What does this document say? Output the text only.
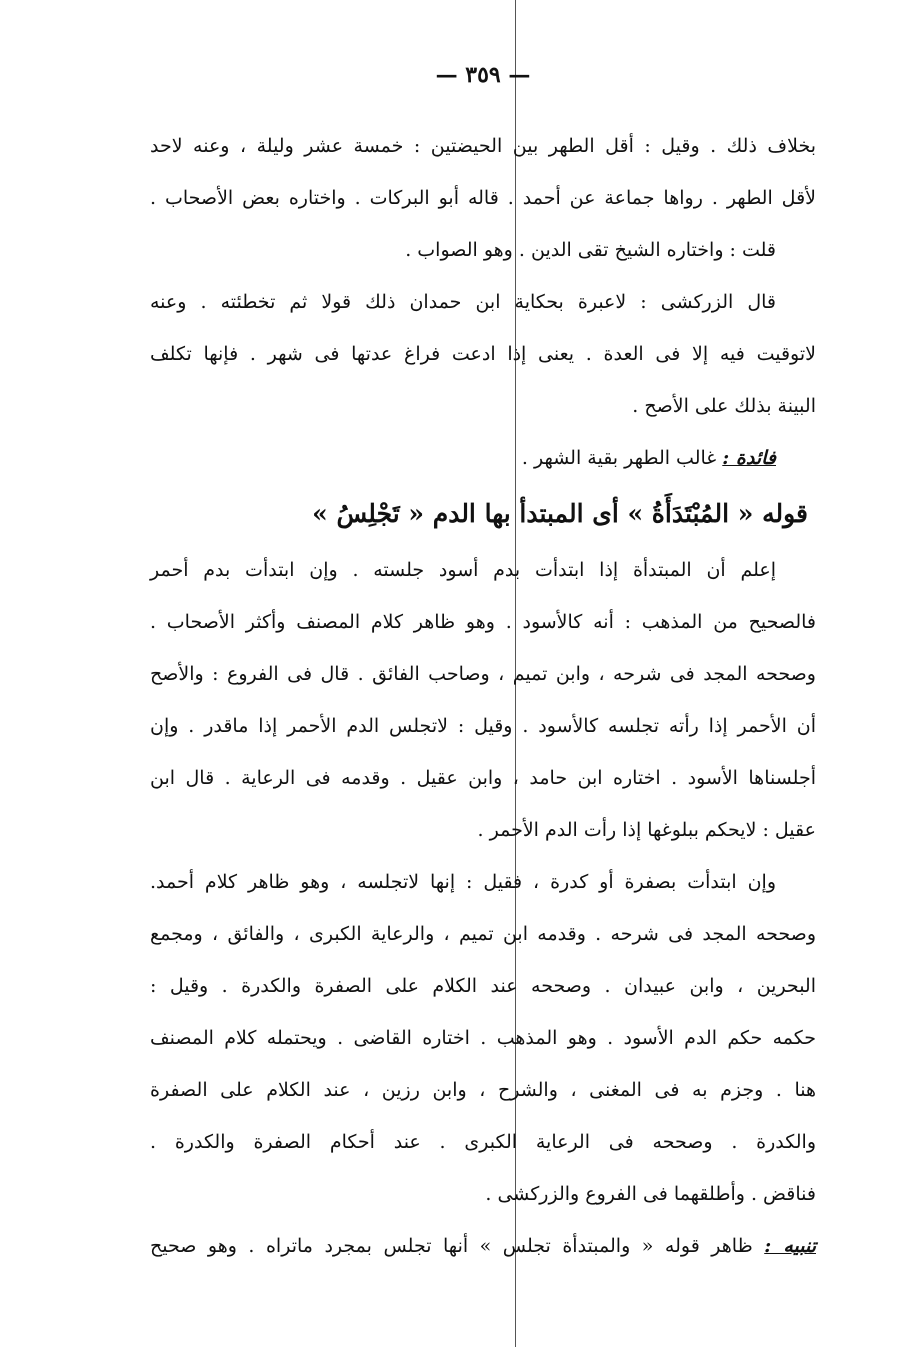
— ٣٥٩ —
بخلاف ذلك . وقيل : أقل الطهر بين الحيضتين : خمسة عشر وليلة ، وعنه لاحد
لأقل الطهر . رواها جماعة عن أحمد . قاله أبو البركات . واختاره بعض الأصحاب .
قلت : واختاره الشيخ تقى الدين . وهو الصواب .
قال الزركشى : لاعبرة بحكاية ابن حمدان ذلك قولا ثم تخطئته . وعنه
لاتوقيت فيه إلا فى العدة . يعنى إذا ادعت فراغ عدتها فى شهر . فإنها تكلف
البينة بذلك على الأصح .
فائدة : غالب الطهر بقية الشهر .
قوله « المُبْتَدَأَةُ » أى المبتدأ بها الدم « تَجْلِسُ »
إعلم أن المبتدأة إذا ابتدأت بدم أسود جلسته . وإن ابتدأت بدم أحمر
فالصحيح من المذهب : أنه كالأسود . وهو ظاهر كلام المصنف وأكثر الأصحاب .
وصححه المجد فى شرحه ، وابن تميم ، وصاحب الفائق . قال فى الفروع : والأصح
أن الأحمر إذا رأته تجلسه كالأسود . وقيل : لاتجلس الدم الأحمر إذا ماقدر . وإن
أجلسناها الأسود . اختاره ابن حامد ، وابن عقيل . وقدمه فى الرعاية . قال ابن
عقيل : لايحكم ببلوغها إذا رأت الدم الأحمر .
وإن ابتدأت بصفرة أو كدرة ، فقيل : إنها لاتجلسه ، وهو ظاهر كلام أحمد.
وصححه المجد فى شرحه . وقدمه ابن تميم ، والرعاية الكبرى ، والفائق ، ومجمع
البحرين ، وابن عبيدان . وصححه عند الكلام على الصفرة والكدرة . وقيل :
حكمه حكم الدم الأسود . وهو المذهب . اختاره القاضى . ويحتمله كلام المصنف
هنا . وجزم به فى المغنى ، والشرح ، وابن رزين ، عند الكلام على الصفرة
والكدرة . وصححه فى الرعاية الكبرى . عند أحكام الصفرة والكدرة .
فناقض . وأطلقهما فى الفروع والزركشى .
تنبيه : ظاهر قوله « والمبتدأة تجلس » أنها تجلس بمجرد ماتراه . وهو صحيح
